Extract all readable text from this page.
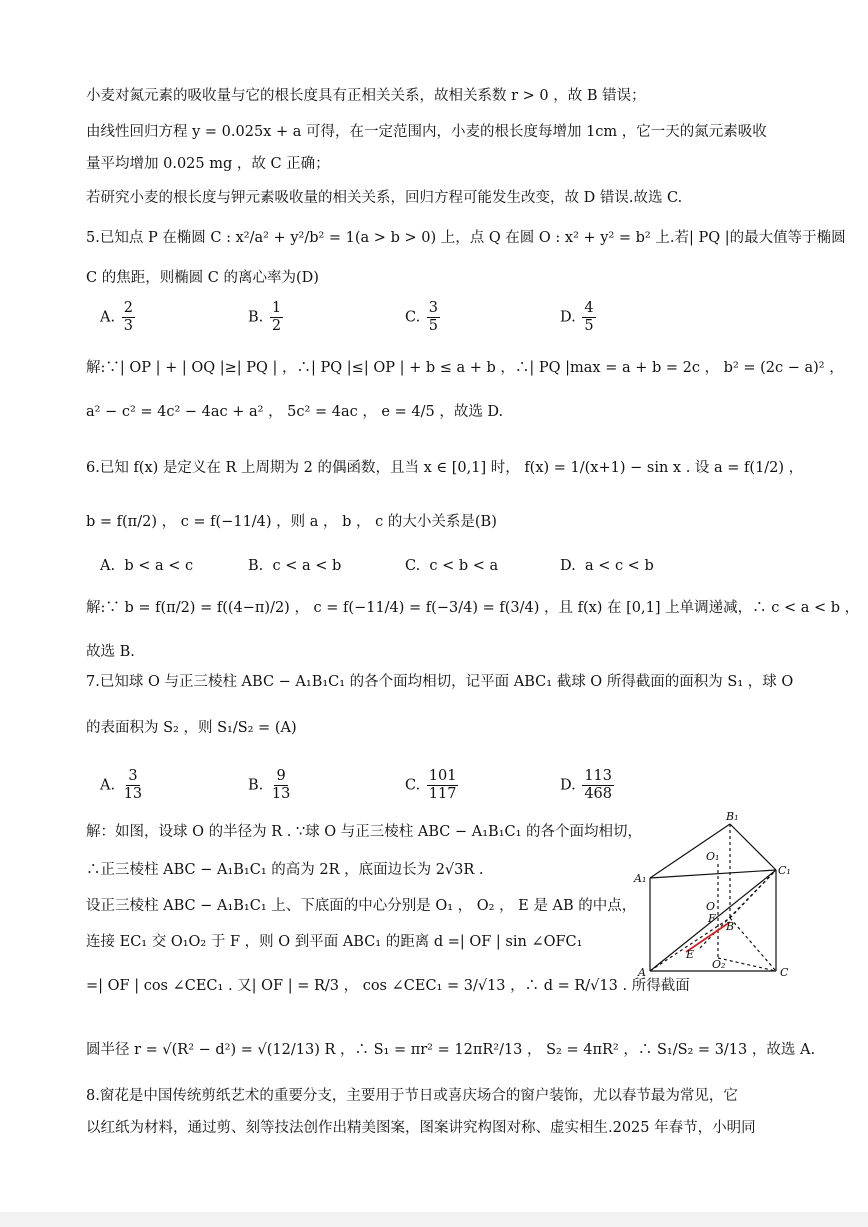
小麦对氮元素的吸收量与它的根长度具有正相关关系，故相关系数 r > 0 ，故 B 错误；
由线性回归方程 y = 0.025x + a 可得，在一定范围内，小麦的根长度每增加 1cm ，它一天的氮元素吸收
量平均增加 0.025 mg ，故 C 正确；
若研究小麦的根长度与钾元素吸收量的相关关系，回归方程可能发生改变，故 D 错误.故选 C.
5.已知点 P 在椭圆 C : x²/a² + y²/b² = 1(a > b > 0) 上，点 Q 在圆 O : x² + y² = b² 上.若| PQ |的最大值等于椭圆
C 的焦距，则椭圆 C 的离心率为(D)
A. $\frac{2}{3}$	B. $\frac{1}{2}$	C. $\frac{3}{5}$	D. $\frac{4}{5}$
解:∵| OP | + | OQ |≥| PQ | ，∴| PQ |≤| OP | + b ≤ a + b ，∴| PQ |max = a + b = 2c ， b² = (2c − a)² ，
a² − c² = 4c² − 4ac + a² ， 5c² = 4ac ， e = 4/5 ，故选 D.
6.已知 f(x) 是定义在 R 上周期为 2 的偶函数，且当 x ∈ [0,1] 时， f(x) = 1/(x+1) − sin x . 设 a = f(1/2) ，
b = f(π/2) ， c = f(−11/4) ，则 a ， b ， c 的大小关系是(B)
A. b < a < c	B. c < a < b	C. c < b < a	D. a < c < b
解:∵ b = f(π/2) = f((4−π)/2) ， c = f(−11/4) = f(−3/4) = f(3/4) ，且 f(x) 在 [0,1] 上单调递减，∴ c < a < b ，
故选 B.
7.已知球 O 与正三棱柱 ABC − A₁B₁C₁ 的各个面均相切，记平面 ABC₁ 截球 O 所得截面的面积为 S₁ ，球 O
的表面积为 S₂ ，则 S₁/S₂ = (A)
A. $\frac{3}{13}$	B. $\frac{9}{13}$	C. $\frac{101}{117}$	D. $\frac{113}{468}$
解：如图，设球 O 的半径为 R . ∵球 O 与正三棱柱 ABC − A₁B₁C₁ 的各个面均相切，
∴正三棱柱 ABC − A₁B₁C₁ 的高为 2R ，底面边长为 2√3R .
设正三棱柱 ABC − A₁B₁C₁ 上、下底面的中心分别是 O₁ ， O₂ ， E 是 AB 的中点，
连接 EC₁ 交 O₁O₂ 于 F ，则 O 到平面 ABC₁ 的距离 d =| OF | sin ∠OFC₁
=| OF | cos ∠CEC₁ . 又| OF | = R/3 ， cos ∠CEC₁ = 3/√13 ，∴ d = R/√13 . 所得截面
圆半径 r = √(R² − d²) = √(12/13) R ，∴ S₁ = πr² = 12πR²/13 ， S₂ = 4πR² ，∴ S₁/S₂ = 3/13 ，故选 A.
8.窗花是中国传统剪纸艺术的重要分支，主要用于节日或喜庆场合的窗户装饰，尤以春节最为常见，它
以红纸为材料，通过剪、刻等技法创作出精美图案，图案讲究构图对称、虚实相生.2025 年春节，小明同
B₁
A₁
C₁
O₁
O
F
B
E
A
O₂
C
